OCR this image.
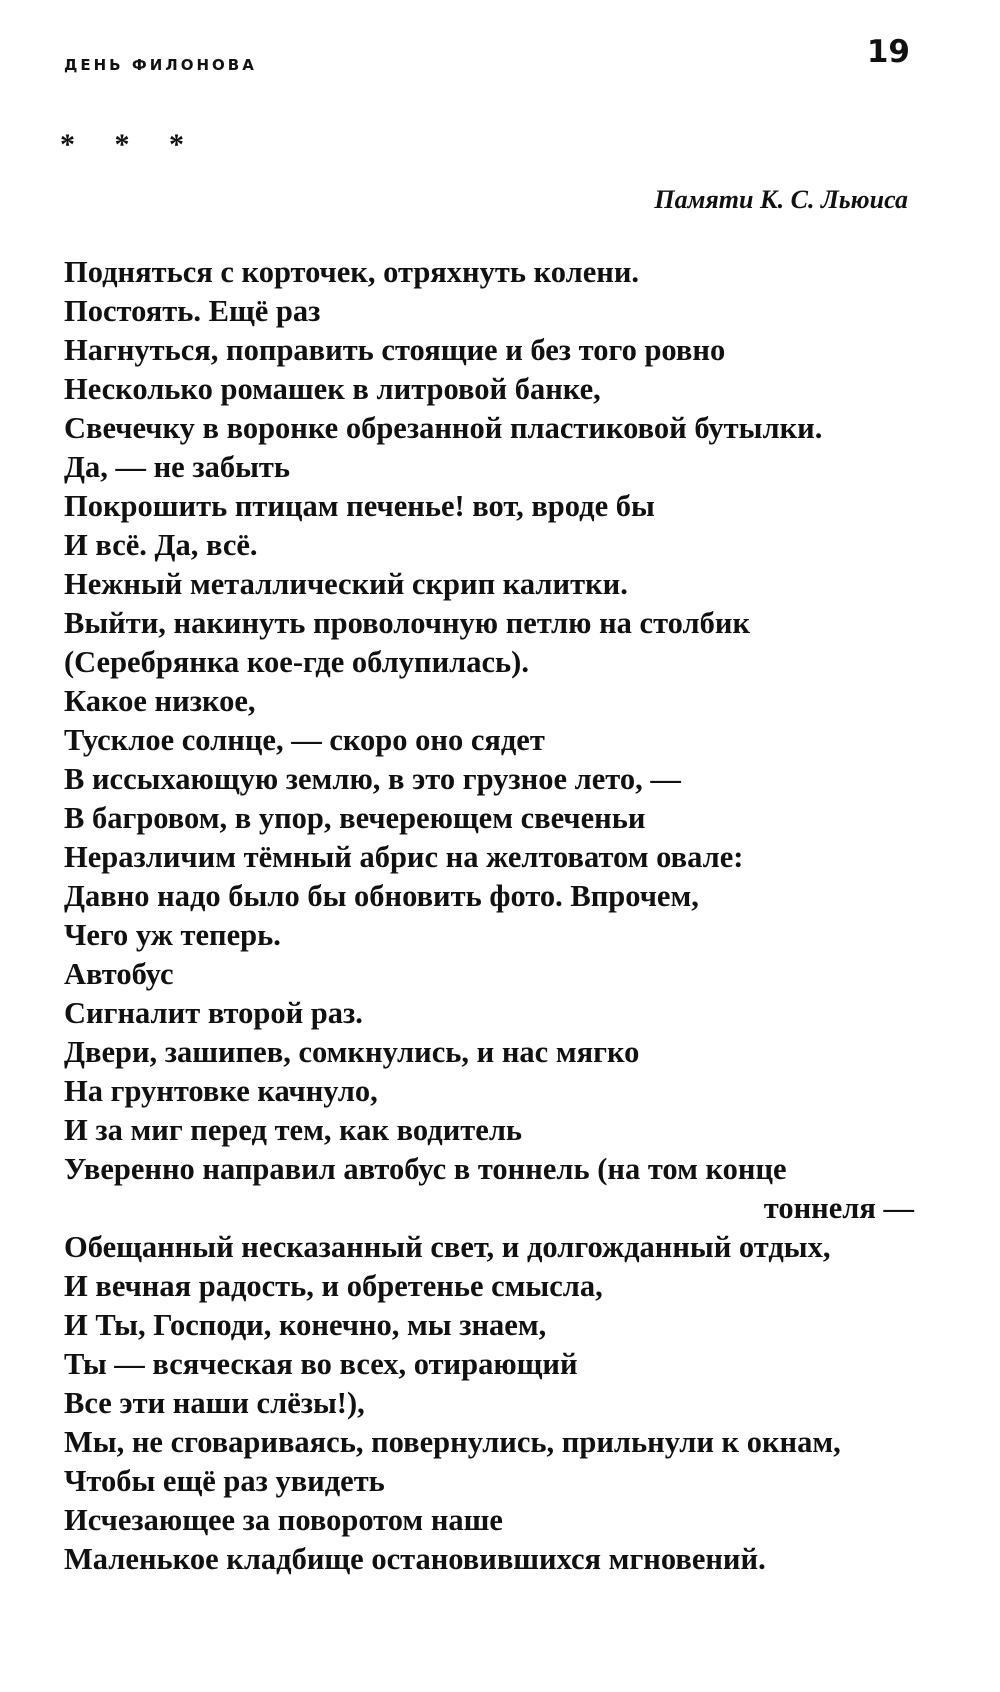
ДЕНЬ ФИЛОНОВА	19
* * *
Памяти К. С. Льюиса
Подняться с корточек, отряхнуть колени.
Постоять. Ещё раз
Нагнуться, поправить стоящие и без того ровно
Несколько ромашек в литровой банке,
Свечечку в воронке обрезанной пластиковой бутылки.
Да, — не забыть
Покрошить птицам печенье! вот, вроде бы
И всё. Да, всё.
Нежный металлический скрип калитки.
Выйти, накинуть проволочную петлю на столбик
(Серебрянка кое-где облупилась).
Какое низкое,
Тусклое солнце, — скоро оно сядет
В иссыхающую землю, в это грузное лето, —
В багровом, в упор, вечереющем свеченьи
Неразличим тёмный абрис на желтоватом овале:
Давно надо было бы обновить фото. Впрочем,
Чего уж теперь.
Автобус
Сигналит второй раз.
Двери, зашипев, сомкнулись, и нас мягко
На грунтовке качнуло,
И за миг перед тем, как водитель
Уверенно направил автобус в тоннель (на том конце
тоннеля —
Обещанный несказанный свет, и долгожданный отдых,
И вечная радость, и обретенье смысла,
И Ты, Господи, конечно, мы знаем,
Ты — всяческая во всех, отирающий
Все эти наши слёзы!),
Мы, не сговариваясь, повернулись, прильнули к окнам,
Чтобы ещё раз увидеть
Исчезающее за поворотом наше
Маленькое кладбище остановившихся мгновений.
